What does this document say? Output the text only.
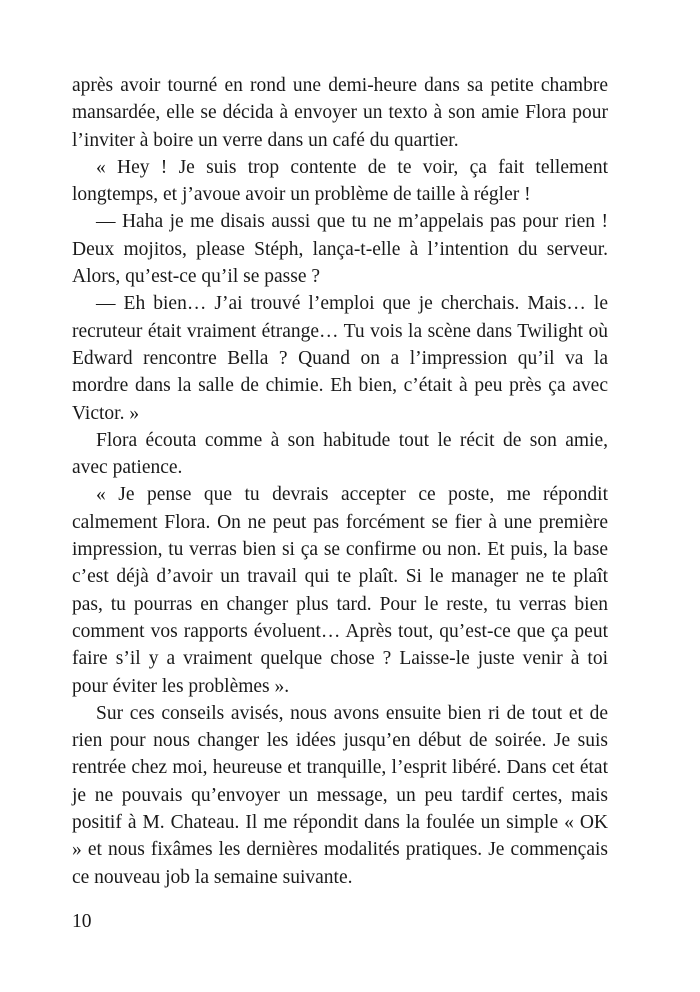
après avoir tourné en rond une demi-heure dans sa petite chambre mansardée, elle se décida à envoyer un texto à son amie Flora pour l’inviter à boire un verre dans un café du quartier.

« Hey ! Je suis trop contente de te voir, ça fait tellement longtemps, et j’avoue avoir un problème de taille à régler !

— Haha je me disais aussi que tu ne m’appelais pas pour rien ! Deux mojitos, please Stéph, lança-t-elle à l’intention du serveur. Alors, qu’est-ce qu’il se passe ?

— Eh bien… J’ai trouvé l’emploi que je cherchais. Mais… le recruteur était vraiment étrange… Tu vois la scène dans Twilight où Edward rencontre Bella ? Quand on a l’impression qu’il va la mordre dans la salle de chimie. Eh bien, c’était à peu près ça avec Victor. »

Flora écouta comme à son habitude tout le récit de son amie, avec patience.

« Je pense que tu devrais accepter ce poste, me répondit calmement Flora. On ne peut pas forcément se fier à une première impression, tu verras bien si ça se confirme ou non. Et puis, la base c’est déjà d’avoir un travail qui te plaît. Si le manager ne te plaît pas, tu pourras en changer plus tard. Pour le reste, tu verras bien comment vos rapports évoluent… Après tout, qu’est-ce que ça peut faire s’il y a vraiment quelque chose ? Laisse-le juste venir à toi pour éviter les problèmes ».

Sur ces conseils avisés, nous avons ensuite bien ri de tout et de rien pour nous changer les idées jusqu’en début de soirée. Je suis rentrée chez moi, heureuse et tranquille, l’esprit libéré. Dans cet état je ne pouvais qu’envoyer un message, un peu tardif certes, mais positif à M. Chateau. Il me répondit dans la foulée un simple « OK » et nous fixâmes les dernières modalités pratiques. Je commençais ce nouveau job la semaine suivante.

10
